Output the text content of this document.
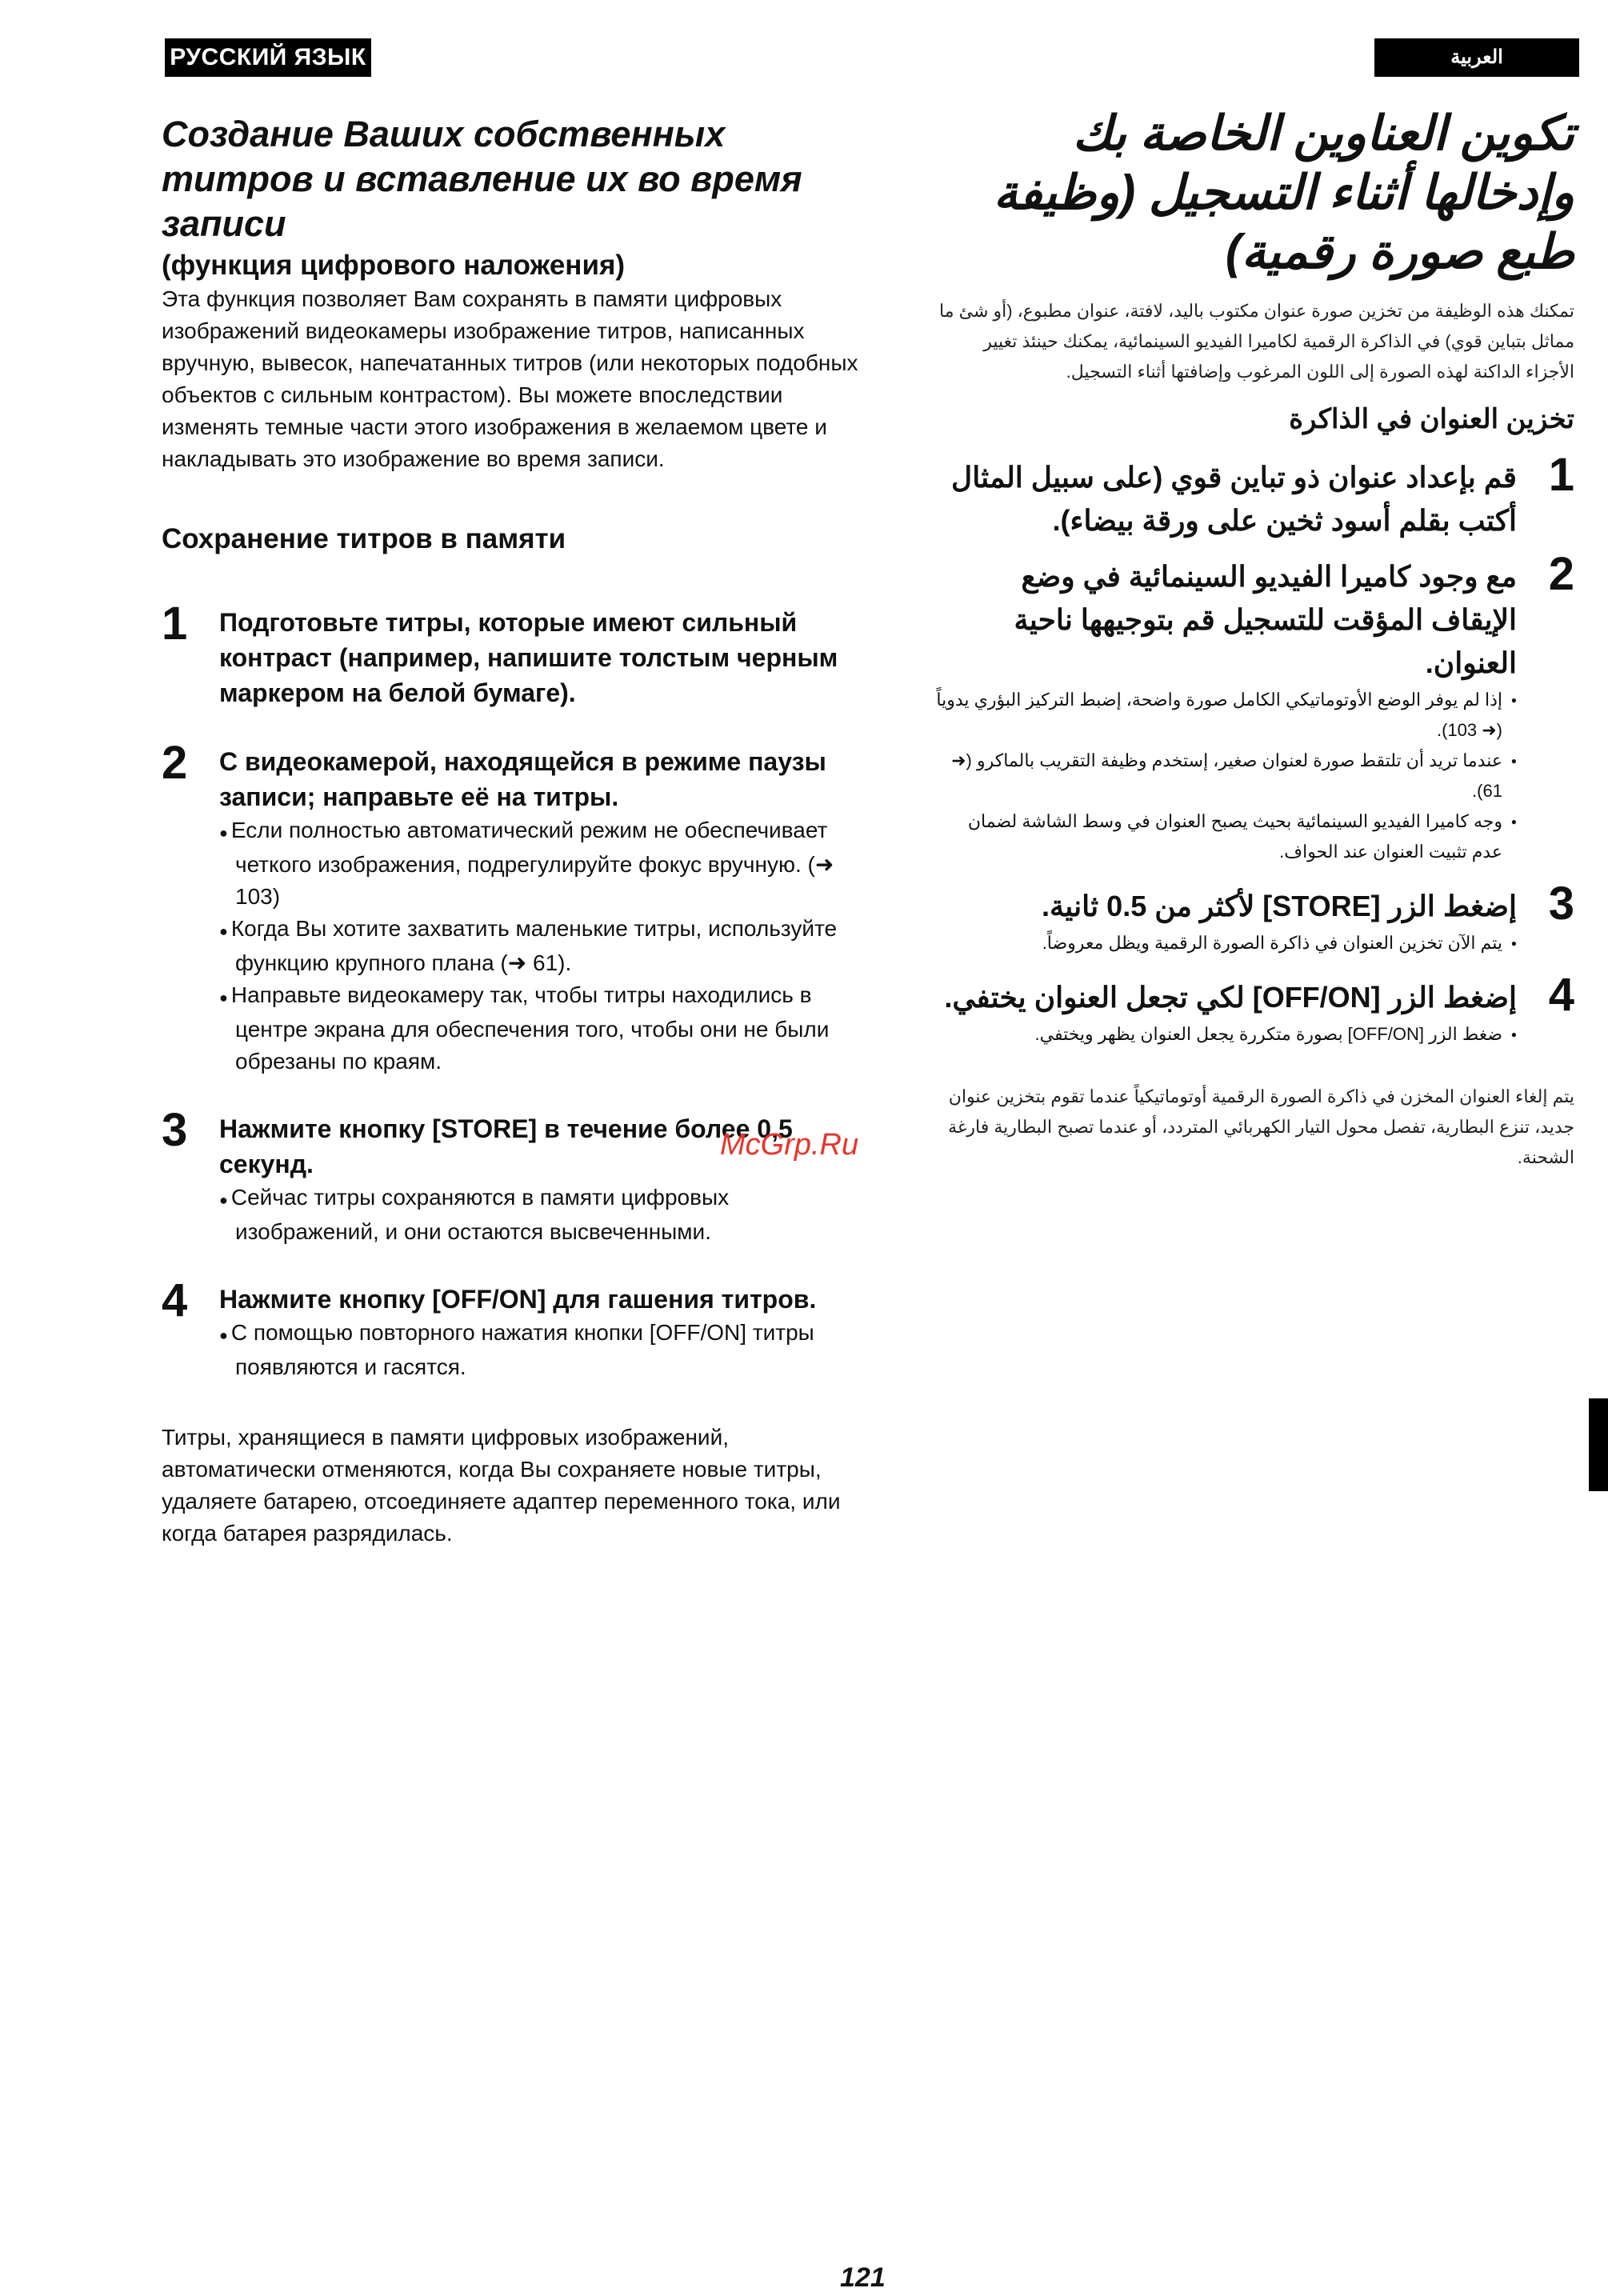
РУССКИЙ ЯЗЫК	العربية
Создание Ваших собственных титров и вставление их во время записи
(функция цифрового наложения)
Эта функция позволяет Вам сохранять в памяти цифровых изображений видеокамеры изображение титров, написанных вручную, вывесок, напечатанных титров (или некоторых подобных объектов с сильным контрастом). Вы можете впоследствии изменять темные части этого изображения в желаемом цвете и накладывать это изображение во время записи.
Сохранение титров в памяти
1 Подготовьте титры, которые имеют сильный контраст (например, напишите толстым черным маркером на белой бумаге).
2 С видеокамерой, находящейся в режиме паузы записи; направьте её на титры.
● Если полностью автоматический режим не обеспечивает четкого изображения, подрегулируйте фокус вручную. (➜ 103)
● Когда Вы хотите захватить маленькие титры, используйте функцию крупного плана (➜ 61).
● Направьте видеокамеру так, чтобы титры находились в центре экрана для обеспечения того, чтобы они не были обрезаны по краям.
3 Нажмите кнопку [STORE] в течение более 0,5 секунд.
● Сейчас титры сохраняются в памяти цифровых изображений, и они остаются высвеченными.
4 Нажмите кнопку [OFF/ON] для гашения титров.
● С помощью повторного нажатия кнопки [OFF/ON] титры появляются и гасятся.
Титры, хранящиеся в памяти цифровых изображений, автоматически отменяются, когда Вы сохраняете новые титры, удаляете батарею, отсоединяете адаптер переменного тока, или когда батарея разрядилась.
تكوين العناوين الخاصة بك وإدخالها أثناء التسجيل (وظيفة طبع صورة رقمية)
تمكنك هذه الوظيفة من تخزين صورة عنوان مكتوب باليد، لافتة، عنوان مطبوع، (أو شئ ما مماثل بتباين قوي) في الذاكرة الرقمية لكاميرا الفيديو السينمائية، يمكنك حينئذ تغيير الأجزاء الداكنة لهذه الصورة إلى اللون المرغوب وإضافتها أثناء التسجيل.
تخزين العنوان في الذاكرة
1
قم بإعداد عنوان ذو تباين قوي (على سبيل المثال أكتب بقلم أسود ثخين على ورقة بيضاء).
2
مع وجود كاميرا الفيديو السينمائية في وضع الإيقاف المؤقت للتسجيل قم بتوجيهها ناحية العنوان.
● إذا لم يوفر الوضع الأوتوماتيكي الكامل صورة واضحة، إضبط التركيز البؤري يدوياً (➜ 103).
● عندما تريد أن تلتقط صورة لعنوان صغير، إستخدم وظيفة التقريب بالماكرو (➜ 61).
● وجه كاميرا الفيديو السينمائية بحيث يصبح العنوان في وسط الشاشة لضمان عدم تثبيت العنوان عند الحواف.
3
إضغط الزر [STORE] لأكثر من 0.5 ثانية.
● يتم الآن تخزين العنوان في ذاكرة الصورة الرقمية ويظل معروضاً.
4
إضغط الزر [OFF/ON] لكي تجعل العنوان يختفي.
● ضغط الزر [OFF/ON] بصورة متكررة يجعل العنوان يظهر ويختفي.
يتم إلغاء العنوان المخزن في ذاكرة الصورة الرقمية أوتوماتيكياً عندما تقوم بتخزين عنوان جديد، تنزع البطارية، تفصل محول التيار الكهربائي المتردد، أو عندما تصبح البطارية فارغة الشحنة.
McGrp.Ru
121
